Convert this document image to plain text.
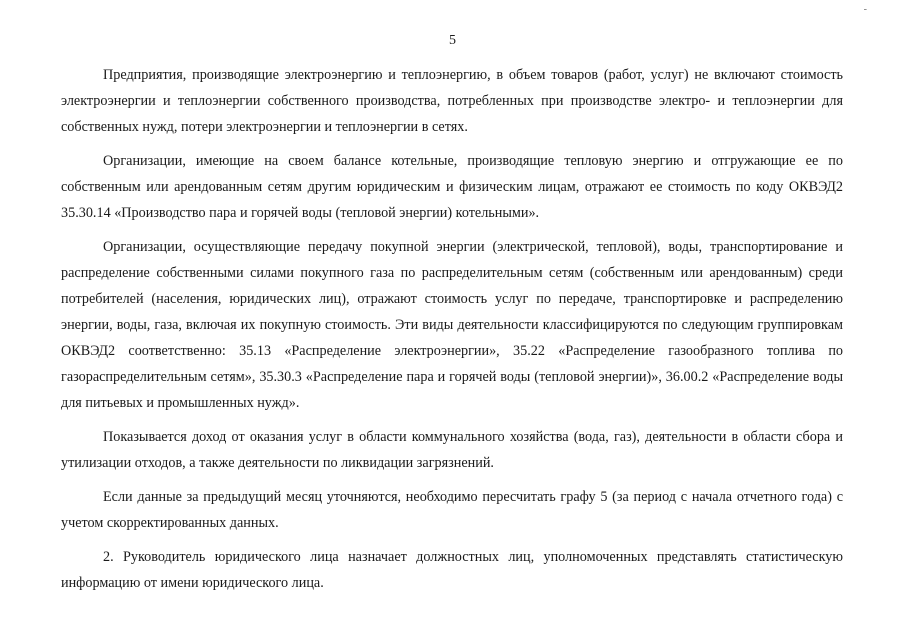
-
5

Предприятия, производящие электроэнергию и теплоэнергию, в объем товаров (работ, услуг) не включают стоимость электроэнергии и теплоэнергии собственного производства, потребленных при производстве электро- и теплоэнергии для собственных нужд, потери электроэнергии и теплоэнергии в сетях.

Организации, имеющие на своем балансе котельные, производящие тепловую энергию и отгружающие ее по собственным или арендованным сетям другим юридическим и физическим лицам, отражают ее стоимость по коду ОКВЭД2 35.30.14 «Производство пара и горячей воды (тепловой энергии) котельными».

Организации, осуществляющие передачу покупной энергии (электрической, тепловой), воды, транспортирование и распределение собственными силами покупного газа по распределительным сетям (собственным или арендованным) среди потребителей (населения, юридических лиц), отражают стоимость услуг по передаче, транспортировке и распределению энергии, воды, газа, включая их покупную стоимость. Эти виды деятельности классифицируются по следующим группировкам ОКВЭД2 соответственно: 35.13 «Распределение электроэнергии», 35.22 «Распределение газообразного топлива по газораспределительным сетям», 35.30.3 «Распределение пара и горячей воды (тепловой энергии)», 36.00.2 «Распределение воды для питьевых и промышленных нужд».

Показывается доход от оказания услуг в области коммунального хозяйства (вода, газ), деятельности в области сбора и утилизации отходов, а также деятельности по ликвидации загрязнений.

Если данные за предыдущий месяц уточняются, необходимо пересчитать графу 5 (за период с начала отчетного года) с учетом скорректированных данных.

2. Руководитель юридического лица назначает должностных лиц, уполномоченных представлять статистическую информацию от имени юридического лица.
